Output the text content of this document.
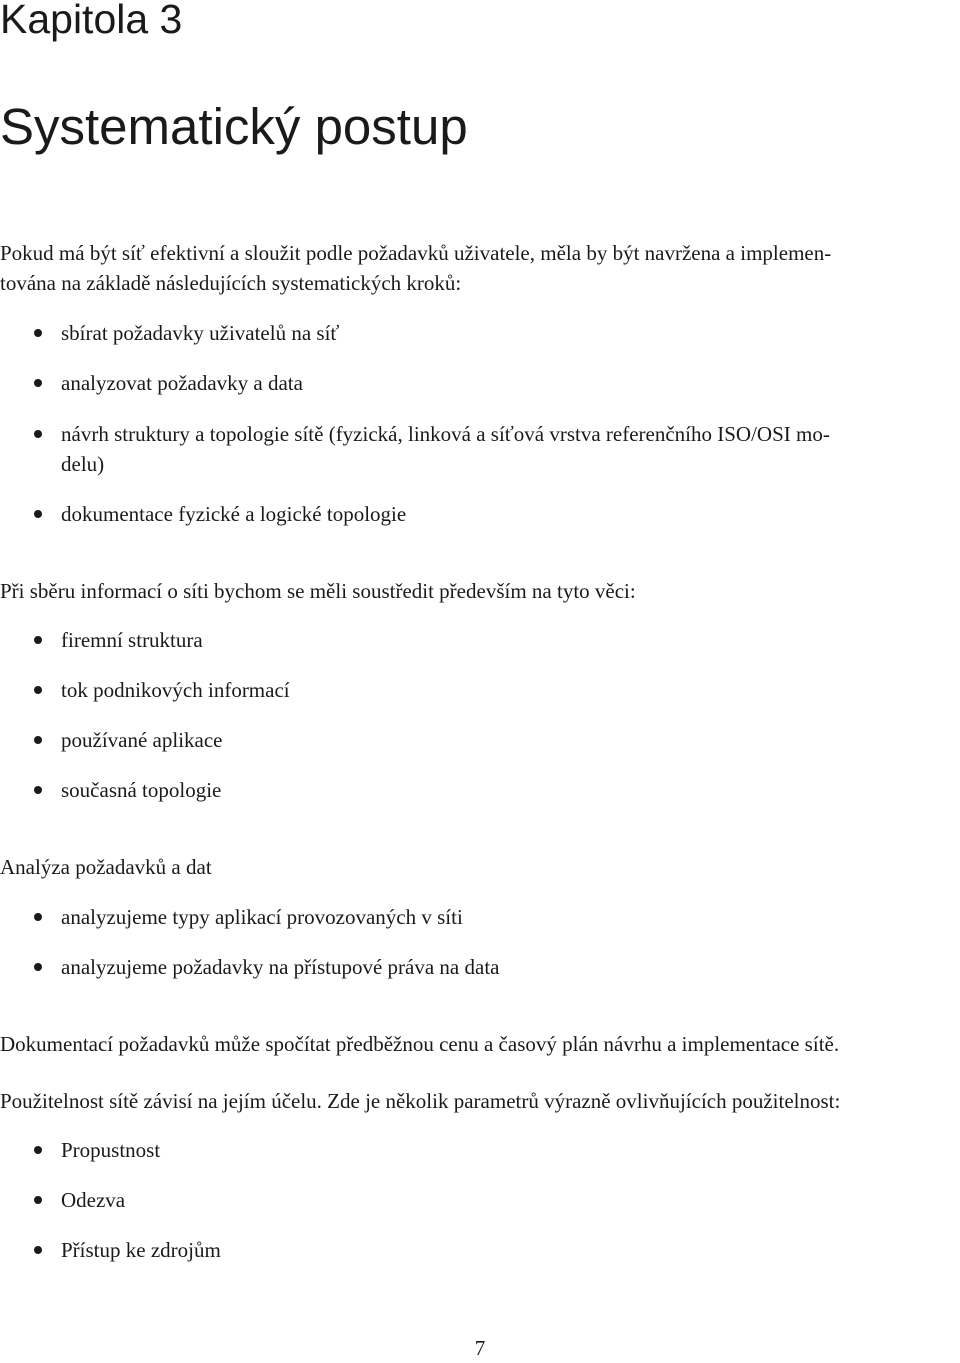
Kapitola 3
Systematický postup

Pokud má být síť efektivní a sloužit podle požadavků uživatele, měla by být navržena a implemen-

tována na základě následujících systematických kroků:

sbírat požadavky uživatelů na síť
analyzovat požadavky a data
návrh struktury a topologie sítě (fyzická, linková a síťová vrstva referenčního ISO/OSI mo-
delu)
dokumentace fyzické a logické topologie

Při sběru informací o síti bychom se měli soustředit především na tyto věci:

firemní struktura
tok podnikových informací
používané aplikace
současná topologie

Analýza požadavků a dat

analyzujeme typy aplikací provozovaných v síti
analyzujeme požadavky na přístupové práva na data

Dokumentací požadavků může spočítat předběžnou cenu a časový plán návrhu a implementace sítě.

Použitelnost sítě závisí na jejím účelu. Zde je několik parametrů výrazně ovlivňujících použitelnost:

Propustnost
Odezva
Přístup ke zdrojům
7
